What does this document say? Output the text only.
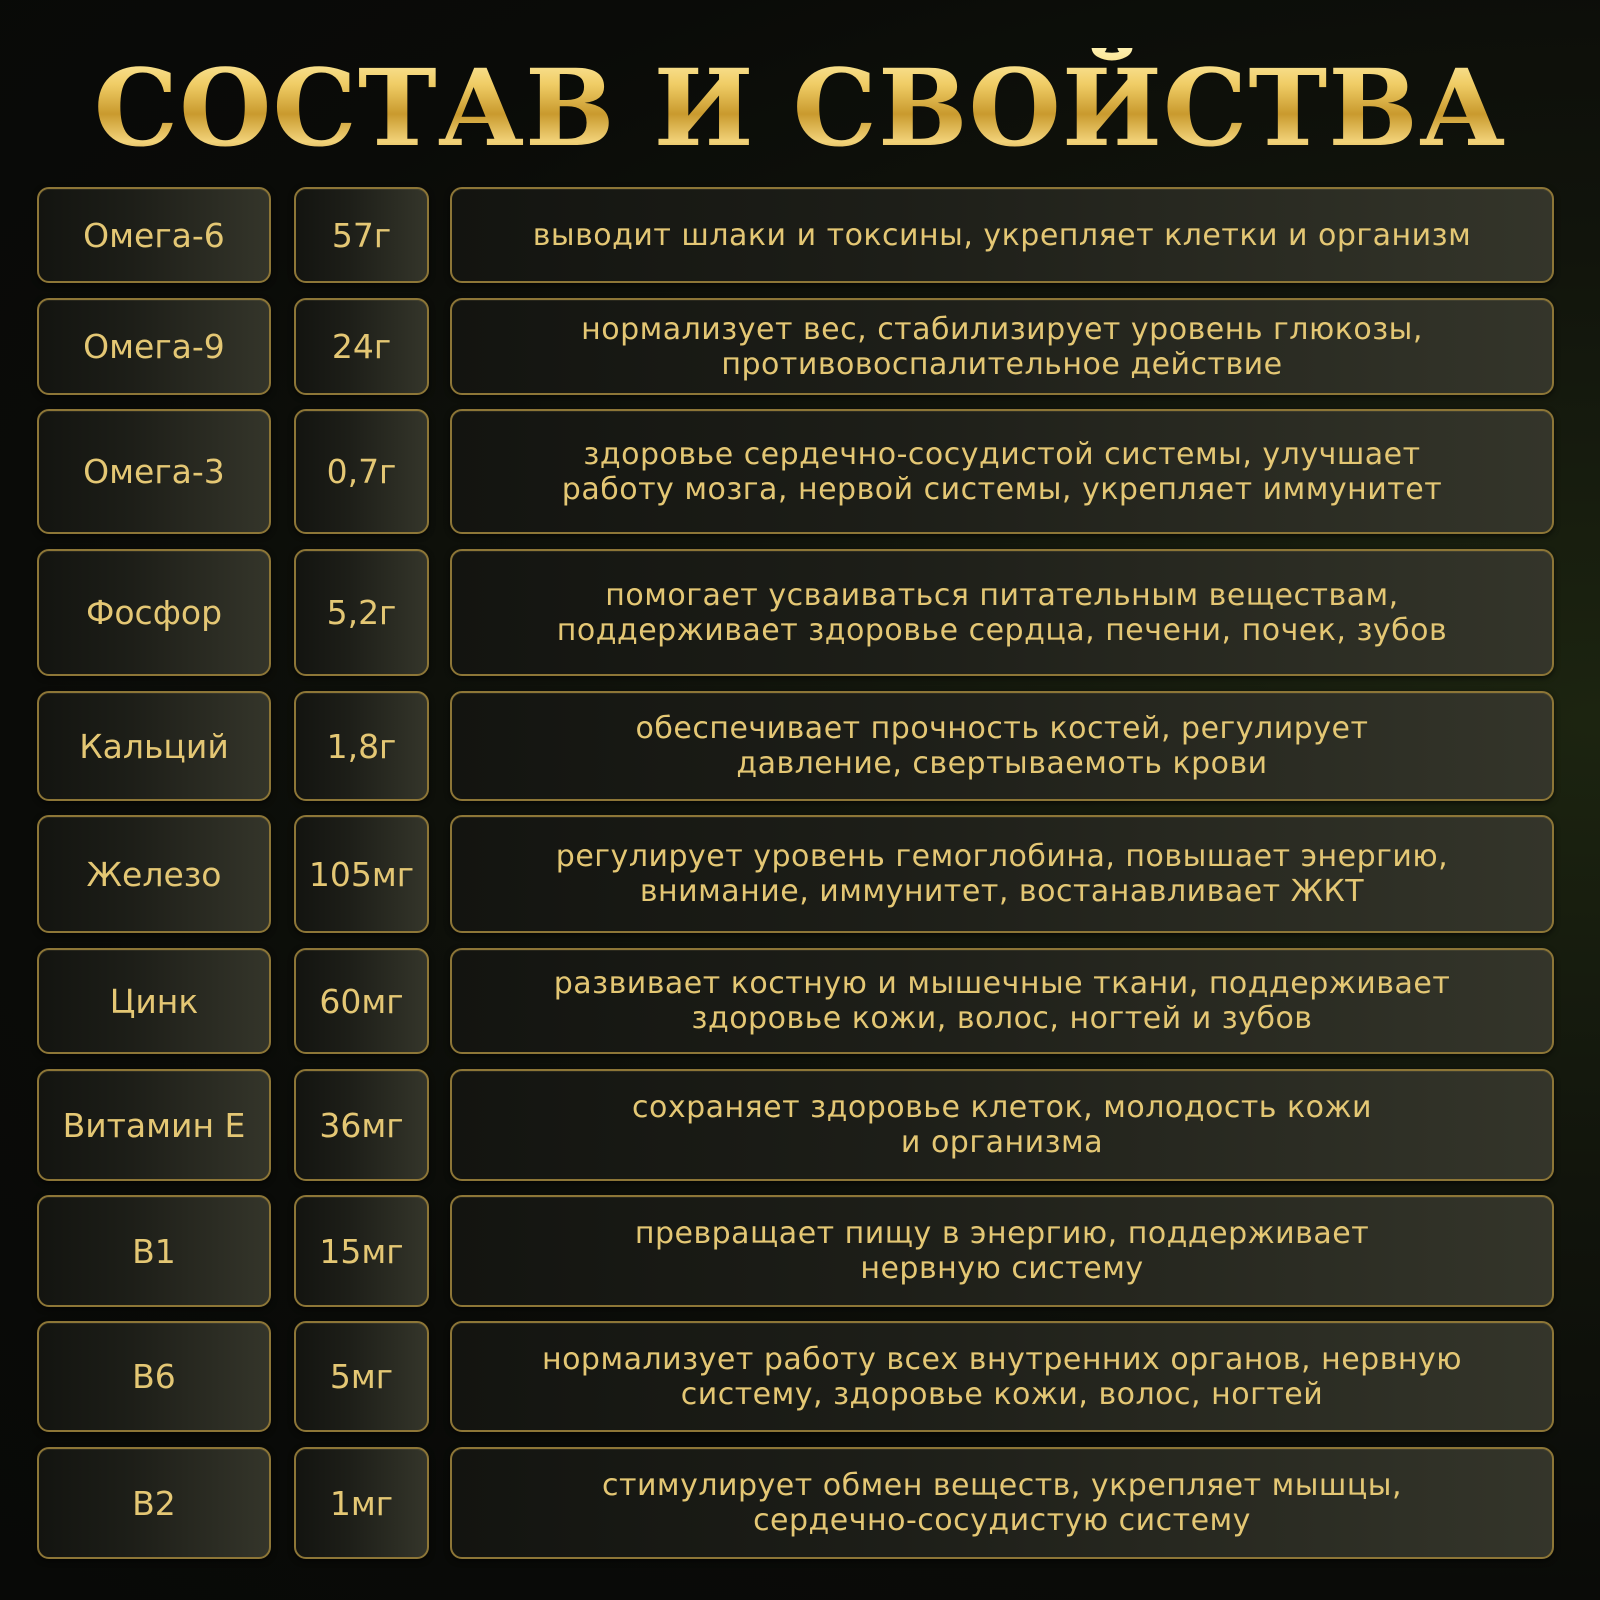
СОСТАВ И СВОЙСТВА
Омега-6	57г	выводит шлаки и токсины, укрепляет клетки и организм
Омега-9	24г	нормализует вес, стабилизирует уровень глюкозы,
противовоспалительное действие
Омега-3	0,7г	здоровье сердечно-сосудистой системы, улучшает
работу мозга, нервой системы, укрепляет иммунитет
Фосфор	5,2г	помогает усваиваться питательным веществам,
поддерживает здоровье сердца, печени, почек, зубов
Кальций	1,8г	обеспечивает прочность костей, регулирует
давление, свертываемоть крови
Железо	105мг	регулирует уровень гемоглобина, повышает энергию,
внимание, иммунитет, востанавливает ЖКТ
Цинк	60мг	развивает костную и мышечные ткани, поддерживает
здоровье кожи, волос, ногтей и зубов
Витамин Е	36мг	сохраняет здоровье клеток, молодость кожи
и организма
В1	15мг	превращает пищу в энергию, поддерживает
нервную систему
В6	5мг	нормализует работу всех внутренних органов, нервную
систему, здоровье кожи, волос, ногтей
В2	1мг	стимулирует обмен веществ, укрепляет мышцы,
сердечно-сосудистую систему
